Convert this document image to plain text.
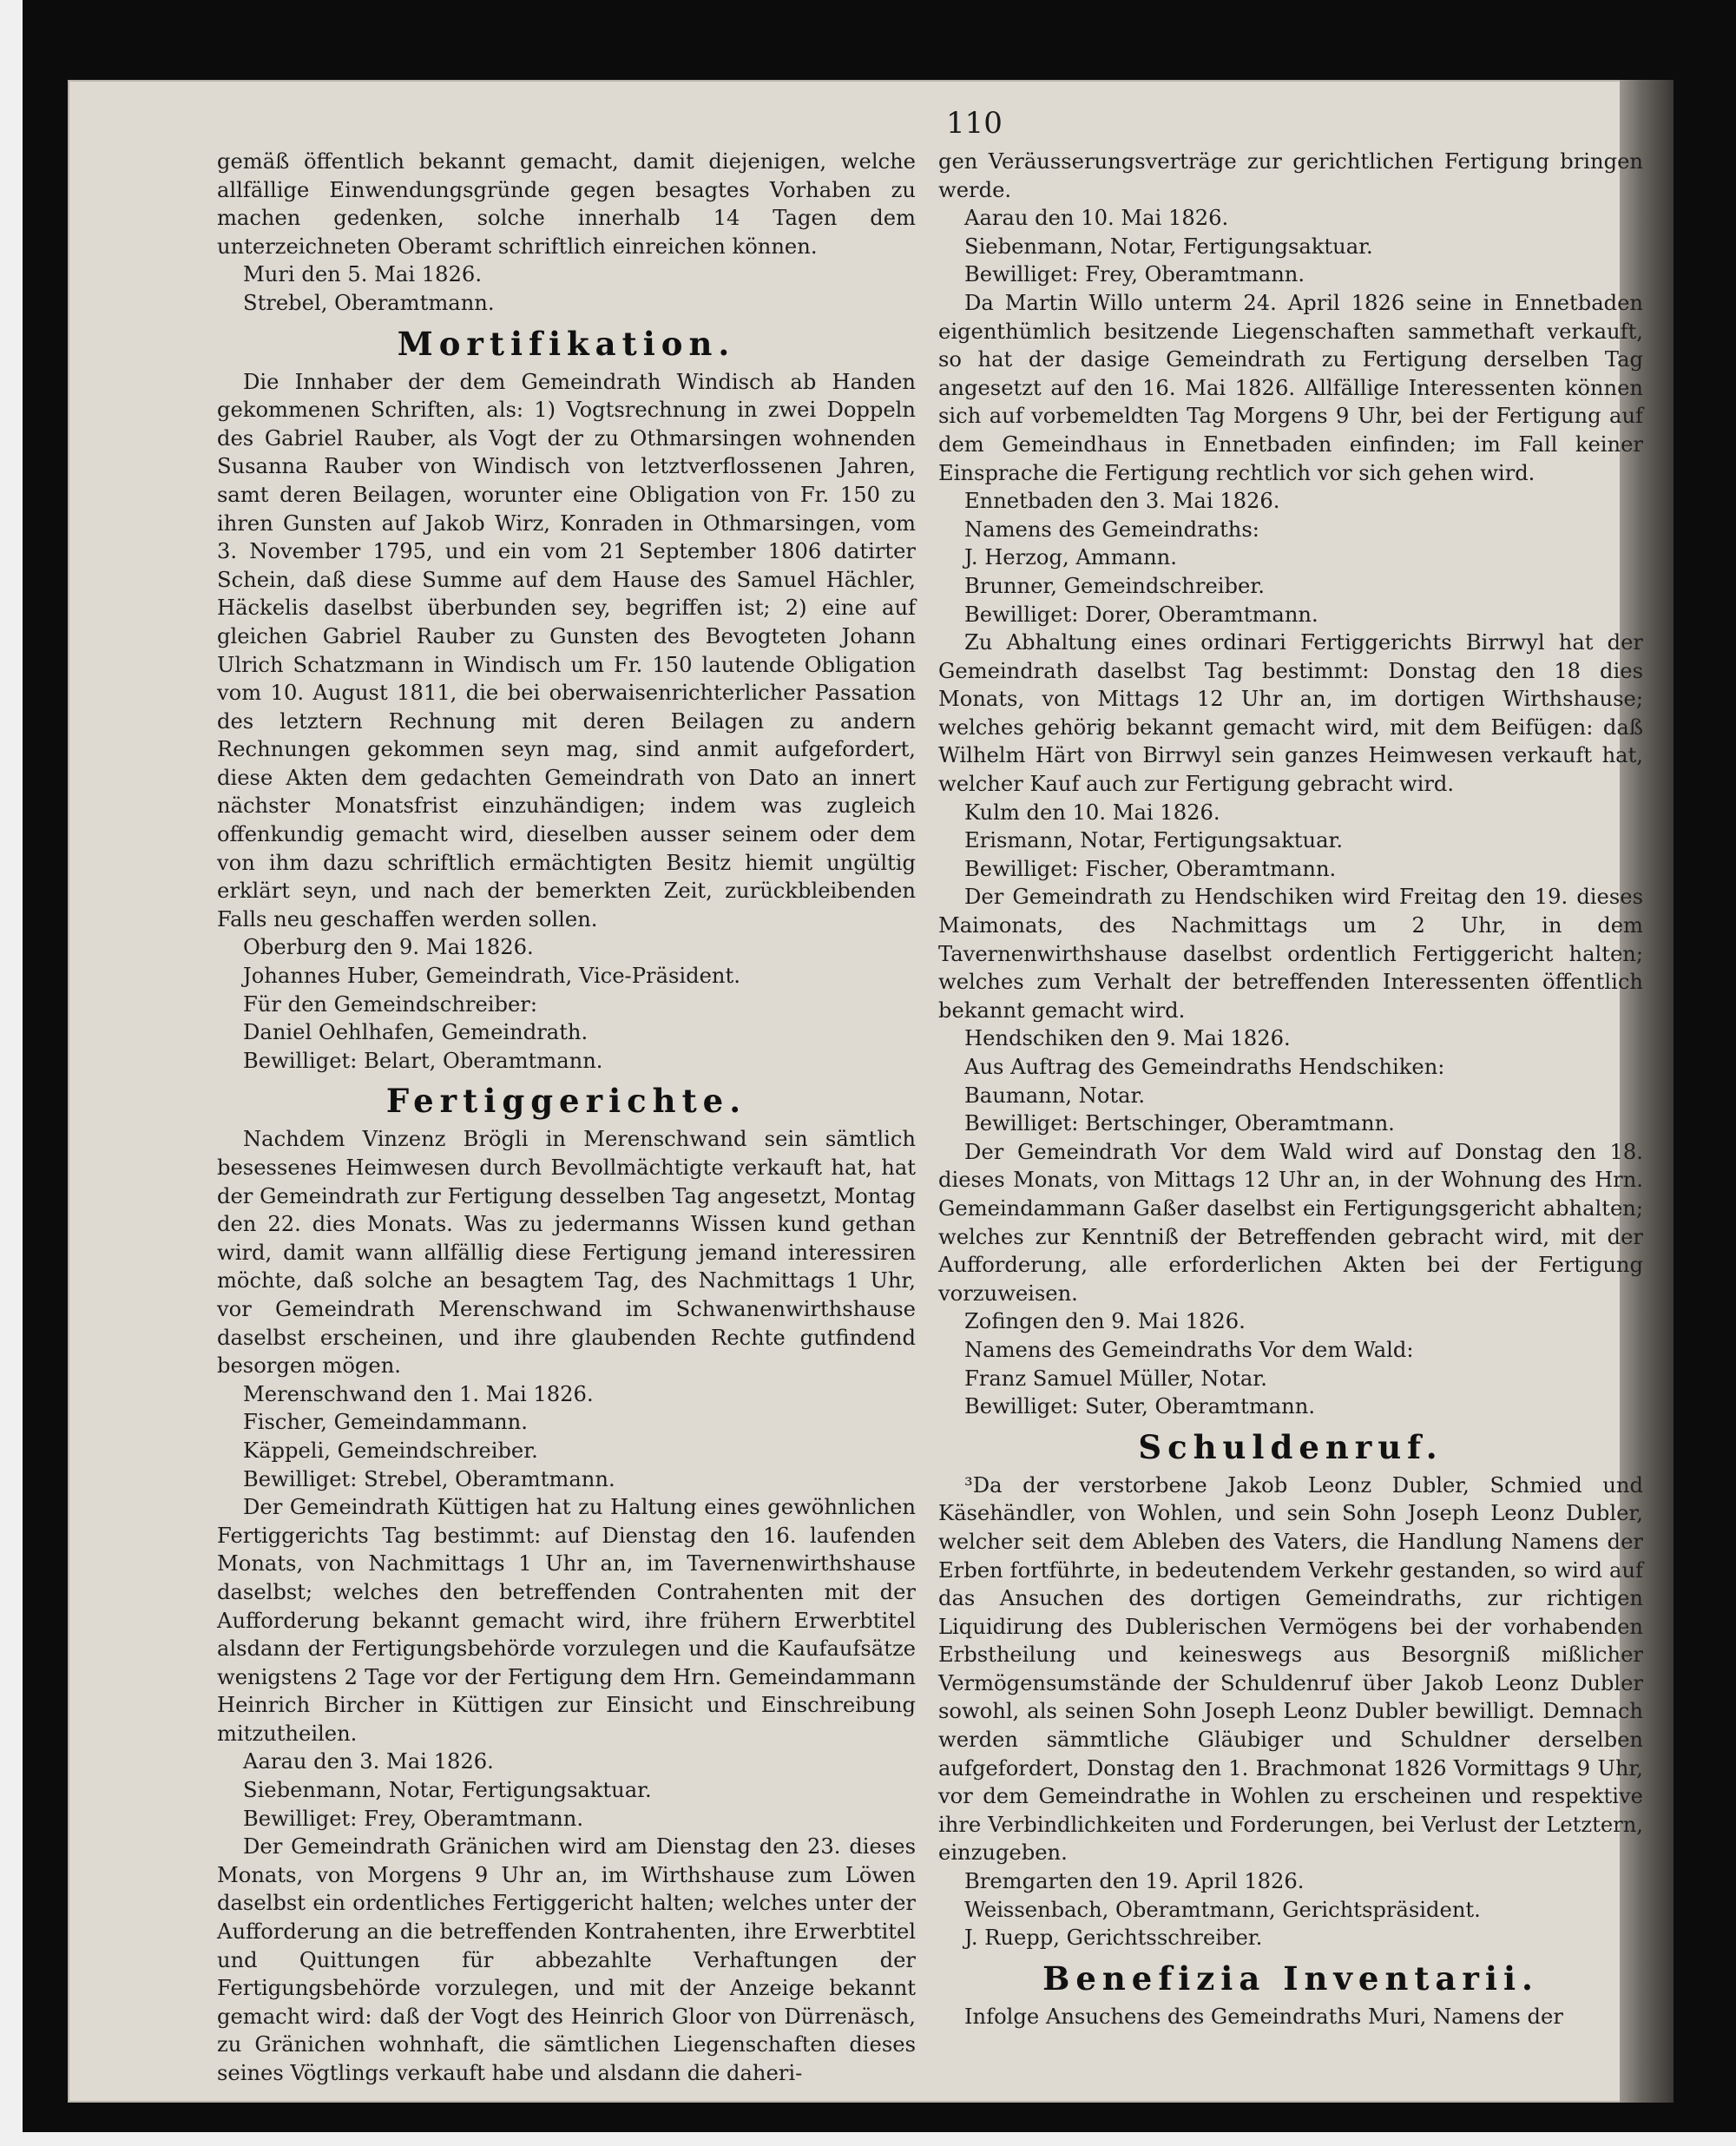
110

gemäß öffentlich bekannt gemacht, damit diejenigen, welche allfällige Einwendungsgründe gegen besagtes Vorhaben zu machen gedenken, solche innerhalb 14 Tagen dem unterzeichneten Oberamt schriftlich einreichen können.

Muri den 5. Mai 1826.

Strebel, Oberamtmann.

Mortifikation.

Die Innhaber der dem Gemeindrath Windisch ab Handen gekommenen Schriften, als: 1) Vogtsrechnung in zwei Doppeln des Gabriel Rauber, als Vogt der zu Othmarsingen wohnenden Susanna Rauber von Windisch von letztverflossenen Jahren, samt deren Beilagen, worunter eine Obligation von Fr. 150 zu ihren Gunsten auf Jakob Wirz, Konraden in Othmarsingen, vom 3. November 1795, und ein vom 21 September 1806 datirter Schein, daß diese Summe auf dem Hause des Samuel Hächler, Häckelis daselbst überbunden sey, begriffen ist; 2) eine auf gleichen Gabriel Rauber zu Gunsten des Bevogteten Johann Ulrich Schatzmann in Windisch um Fr. 150 lautende Obligation vom 10. August 1811, die bei oberwaisenrichterlicher Passation des letztern Rechnung mit deren Beilagen zu andern Rechnungen gekommen seyn mag, sind anmit aufgefordert, diese Akten dem gedachten Gemeindrath von Dato an innert nächster Monatsfrist einzuhändigen; indem was zugleich offenkundig gemacht wird, dieselben ausser seinem oder dem von ihm dazu schriftlich ermächtigten Besitz hiemit ungültig erklärt seyn, und nach der bemerkten Zeit, zurückbleibenden Falls neu geschaffen werden sollen.

Oberburg den 9. Mai 1826.

Johannes Huber, Gemeindrath, Vice-Präsident.

Für den Gemeindschreiber:

Daniel Oehlhafen, Gemeindrath.

Bewilliget: Belart, Oberamtmann.

Fertiggerichte.

Nachdem Vinzenz Brögli in Merenschwand sein sämtlich besessenes Heimwesen durch Bevollmächtigte verkauft hat, hat der Gemeindrath zur Fertigung desselben Tag angesetzt, Montag den 22. dies Monats. Was zu jedermanns Wissen kund gethan wird, damit wann allfällig diese Fertigung jemand interessiren möchte, daß solche an besagtem Tag, des Nachmittags 1 Uhr, vor Gemeindrath Merenschwand im Schwanenwirthshause daselbst erscheinen, und ihre glaubenden Rechte gutfindend besorgen mögen.

Merenschwand den 1. Mai 1826.

Fischer, Gemeindammann.

Käppeli, Gemeindschreiber.

Bewilliget: Strebel, Oberamtmann.

Der Gemeindrath Küttigen hat zu Haltung eines gewöhnlichen Fertiggerichts Tag bestimmt: auf Dienstag den 16. laufenden Monats, von Nachmittags 1 Uhr an, im Tavernenwirthshause daselbst; welches den betreffenden Contrahenten mit der Aufforderung bekannt gemacht wird, ihre frühern Erwerbtitel alsdann der Fertigungsbehörde vorzulegen und die Kaufaufsätze wenigstens 2 Tage vor der Fertigung dem Hrn. Gemeindammann Heinrich Bircher in Küttigen zur Einsicht und Einschreibung mitzutheilen.

Aarau den 3. Mai 1826.

Siebenmann, Notar, Fertigungsaktuar.

Bewilliget: Frey, Oberamtmann.

Der Gemeindrath Gränichen wird am Dienstag den 23. dieses Monats, von Morgens 9 Uhr an, im Wirthshause zum Löwen daselbst ein ordentliches Fertiggericht halten; welches unter der Aufforderung an die betreffenden Kontrahenten, ihre Erwerbtitel und Quittungen für abbezahlte Verhaftungen der Fertigungsbehörde vorzulegen, und mit der Anzeige bekannt gemacht wird: daß der Vogt des Heinrich Gloor von Dürrenäsch, zu Gränichen wohnhaft, die sämtlichen Liegenschaften dieses seines Vögtlings verkauft habe und alsdann die daheri-

gen Veräusserungsverträge zur gerichtlichen Fertigung bringen werde.

Aarau den 10. Mai 1826.

Siebenmann, Notar, Fertigungsaktuar.

Bewilliget: Frey, Oberamtmann.

Da Martin Willo unterm 24. April 1826 seine in Ennetbaden eigenthümlich besitzende Liegenschaften sammethaft verkauft, so hat der dasige Gemeindrath zu Fertigung derselben Tag angesetzt auf den 16. Mai 1826. Allfällige Interessenten können sich auf vorbemeldten Tag Morgens 9 Uhr, bei der Fertigung auf dem Gemeindhaus in Ennetbaden einfinden; im Fall keiner Einsprache die Fertigung rechtlich vor sich gehen wird.

Ennetbaden den 3. Mai 1826.

Namens des Gemeindraths:

J. Herzog, Ammann.

Brunner, Gemeindschreiber.

Bewilliget: Dorer, Oberamtmann.

Zu Abhaltung eines ordinari Fertiggerichts Birrwyl hat der Gemeindrath daselbst Tag bestimmt: Donstag den 18 dies Monats, von Mittags 12 Uhr an, im dortigen Wirthshause; welches gehörig bekannt gemacht wird, mit dem Beifügen: daß Wilhelm Härt von Birrwyl sein ganzes Heimwesen verkauft hat, welcher Kauf auch zur Fertigung gebracht wird.

Kulm den 10. Mai 1826.

Erismann, Notar, Fertigungsaktuar.

Bewilliget: Fischer, Oberamtmann.

Der Gemeindrath zu Hendschiken wird Freitag den 19. dieses Maimonats, des Nachmittags um 2 Uhr, in dem Tavernenwirthshause daselbst ordentlich Fertiggericht halten; welches zum Verhalt der betreffenden Interessenten öffentlich bekannt gemacht wird.

Hendschiken den 9. Mai 1826.

Aus Auftrag des Gemeindraths Hendschiken:

Baumann, Notar.

Bewilliget: Bertschinger, Oberamtmann.

Der Gemeindrath Vor dem Wald wird auf Donstag den 18. dieses Monats, von Mittags 12 Uhr an, in der Wohnung des Hrn. Gemeindammann Gaßer daselbst ein Fertigungsgericht abhalten; welches zur Kenntniß der Betreffenden gebracht wird, mit der Aufforderung, alle erforderlichen Akten bei der Fertigung vorzuweisen.

Zofingen den 9. Mai 1826.

Namens des Gemeindraths Vor dem Wald:

Franz Samuel Müller, Notar.

Bewilliget: Suter, Oberamtmann.

Schuldenruf.

³Da der verstorbene Jakob Leonz Dubler, Schmied und Käsehändler, von Wohlen, und sein Sohn Joseph Leonz Dubler, welcher seit dem Ableben des Vaters, die Handlung Namens der Erben fortführte, in bedeutendem Verkehr gestanden, so wird auf das Ansuchen des dortigen Gemeindraths, zur richtigen Liquidirung des Dublerischen Vermögens bei der vorhabenden Erbstheilung und keineswegs aus Besorgniß mißlicher Vermögensumstände der Schuldenruf über Jakob Leonz Dubler sowohl, als seinen Sohn Joseph Leonz Dubler bewilligt. Demnach werden sämmtliche Gläubiger und Schuldner derselben aufgefordert, Donstag den 1. Brachmonat 1826 Vormittags 9 Uhr, vor dem Gemeindrathe in Wohlen zu erscheinen und respektive ihre Verbindlichkeiten und Forderungen, bei Verlust der Letztern, einzugeben.

Bremgarten den 19. April 1826.

Weissenbach, Oberamtmann, Gerichtspräsident.

J. Ruepp, Gerichtsschreiber.

Benefizia Inventarii.

Infolge Ansuchens des Gemeindraths Muri, Namens der
